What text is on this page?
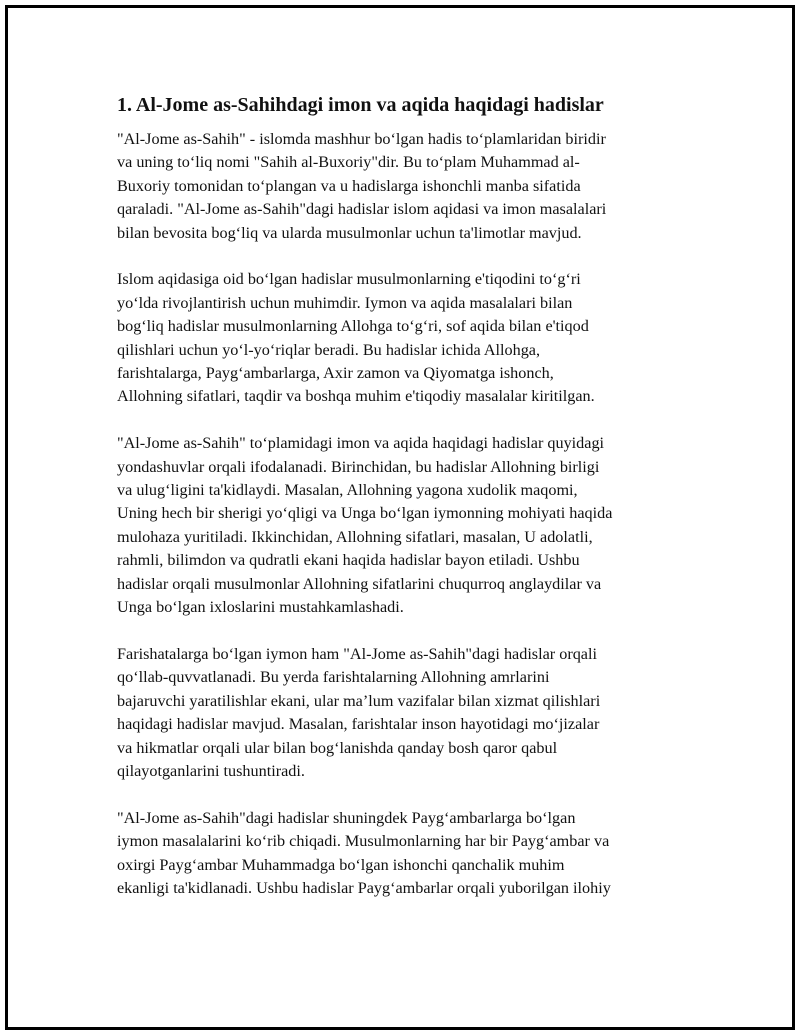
1. Al-Jome as-Sahihdagi imon va aqida haqidagi hadislar

"Al-Jome as-Sahih" - islomda mashhur bo‘lgan hadis to‘plamlaridan biridir
va uning to‘liq nomi "Sahih al-Buxoriy"dir. Bu to‘plam Muhammad al-
Buxoriy tomonidan to‘plangan va u hadislarga ishonchli manba sifatida
qaraladi. "Al-Jome as-Sahih"dagi hadislar islom aqidasi va imon masalalari
bilan bevosita bog‘liq va ularda musulmonlar uchun ta'limotlar mavjud.

Islom aqidasiga oid bo‘lgan hadislar musulmonlarning e'tiqodini to‘g‘ri
yo‘lda rivojlantirish uchun muhimdir. Iymon va aqida masalalari bilan
bog‘liq hadislar musulmonlarning Allohga to‘g‘ri, sof aqida bilan e'tiqod
qilishlari uchun yo‘l-yo‘riqlar beradi. Bu hadislar ichida Allohga,
farishtalarga, Payg‘ambarlarga, Axir zamon va Qiyomatga ishonch,
Allohning sifatlari, taqdir va boshqa muhim e'tiqodiy masalalar kiritilgan.

"Al-Jome as-Sahih" to‘plamidagi imon va aqida haqidagi hadislar quyidagi
yondashuvlar orqali ifodalanadi. Birinchidan, bu hadislar Allohning birligi
va ulug‘ligini ta'kidlaydi. Masalan, Allohning yagona xudolik maqomi,
Uning hech bir sherigi yo‘qligi va Unga bo‘lgan iymonning mohiyati haqida
mulohaza yuritiladi. Ikkinchidan, Allohning sifatlari, masalan, U adolatli,
rahmli, bilimdon va qudratli ekani haqida hadislar bayon etiladi. Ushbu
hadislar orqali musulmonlar Allohning sifatlarini chuqurroq anglaydilar va
Unga bo‘lgan ixloslarini mustahkamlashadi.

Farishatalarga bo‘lgan iymon ham "Al-Jome as-Sahih"dagi hadislar orqali
qo‘llab-quvvatlanadi. Bu yerda farishtalarning Allohning amrlarini
bajaruvchi yaratilishlar ekani, ular ma’lum vazifalar bilan xizmat qilishlari
haqidagi hadislar mavjud. Masalan, farishtalar inson hayotidagi mo‘jizalar
va hikmatlar orqali ular bilan bog‘lanishda qanday bosh qaror qabul
qilayotganlarini tushuntiradi.

"Al-Jome as-Sahih"dagi hadislar shuningdek Payg‘ambarlarga bo‘lgan
iymon masalalarini ko‘rib chiqadi. Musulmonlarning har bir Payg‘ambar va
oxirgi Payg‘ambar Muhammadga bo‘lgan ishonchi qanchalik muhim
ekanligi ta'kidlanadi. Ushbu hadislar Payg‘ambarlar orqali yuborilgan ilohiy
